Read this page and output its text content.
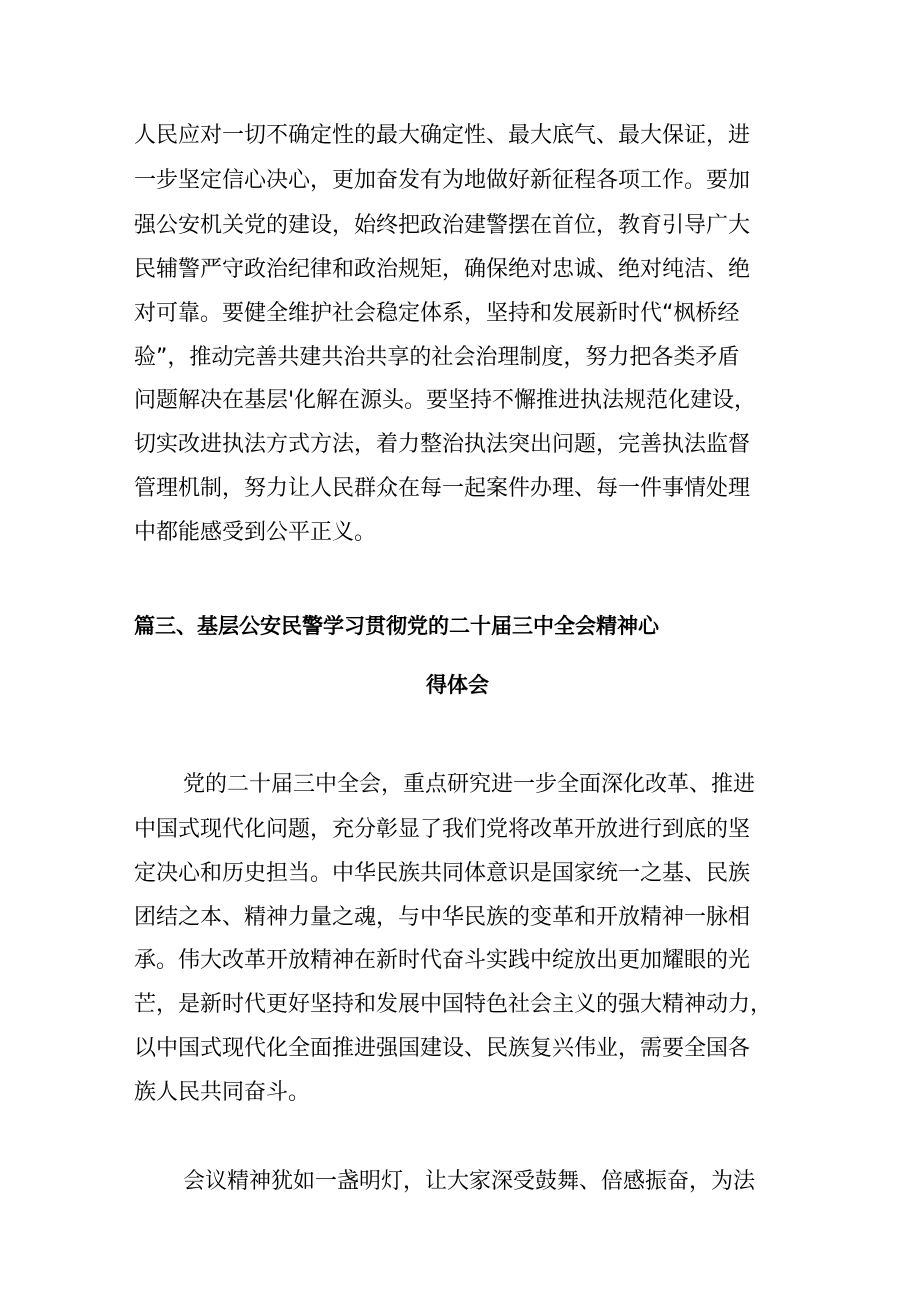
人民应对一切不确定性的最大确定性、最大底气、最大保证，进
一步坚定信心决心，更加奋发有为地做好新征程各项工作。要加
强公安机关党的建设，始终把政治建警摆在首位，教育引导广大
民辅警严守政治纪律和政治规矩，确保绝对忠诚、绝对纯洁、绝
对可靠。要健全维护社会稳定体系，坚持和发展新时代“枫桥经
验”，推动完善共建共治共享的社会治理制度，努力把各类矛盾
问题解决在基层'化解在源头。要坚持不懈推进执法规范化建设，
切实改进执法方式方法，着力整治执法突出问题，完善执法监督
管理机制，努力让人民群众在每一起案件办理、每一件事情处理
中都能感受到公平正义。
篇三、基层公安民警学习贯彻党的二十届三中全会精神心
得体会
党的二十届三中全会，重点研究进一步全面深化改革、推进
中国式现代化问题，充分彰显了我们党将改革开放进行到底的坚
定决心和历史担当。中华民族共同体意识是国家统一之基、民族
团结之本、精神力量之魂，与中华民族的变革和开放精神一脉相
承。伟大改革开放精神在新时代奋斗实践中绽放出更加耀眼的光
芒，是新时代更好坚持和发展中国特色社会主义的强大精神动力，
以中国式现代化全面推进强国建设、民族复兴伟业，需要全国各
族人民共同奋斗。
会议精神犹如一盏明灯，让大家深受鼓舞、倍感振奋，为法
